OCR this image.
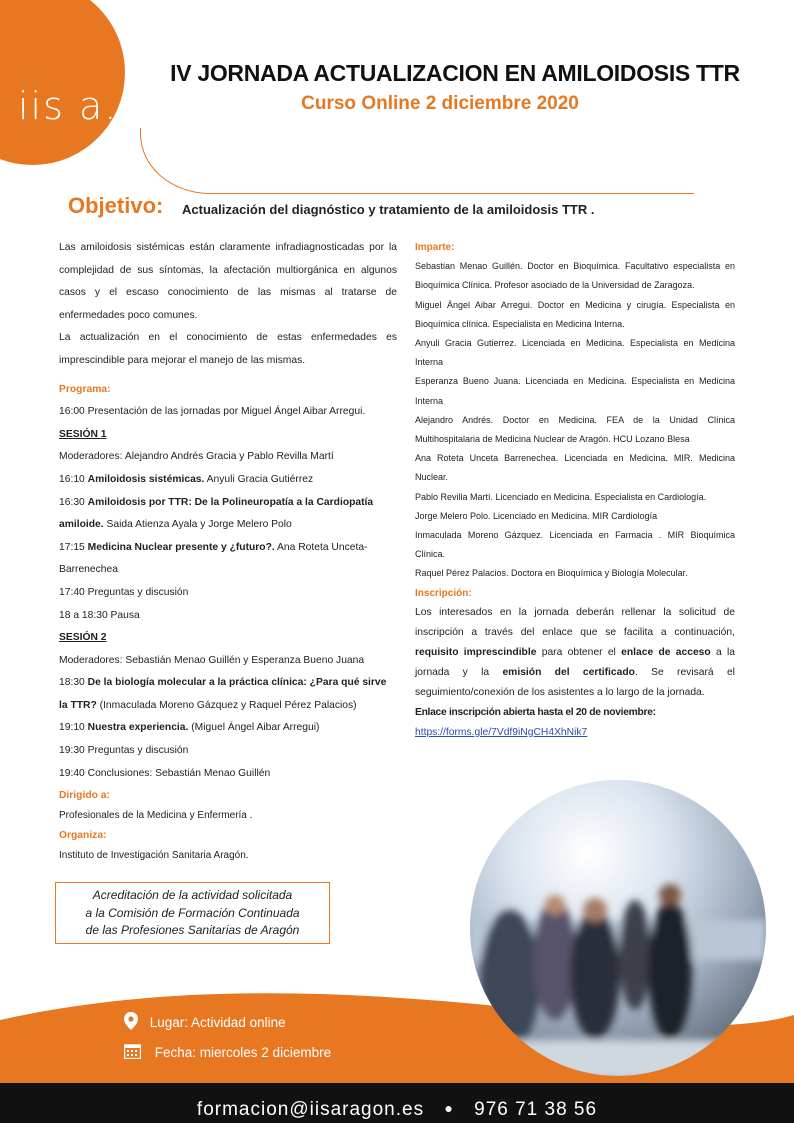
iis a.
IV JORNADA ACTUALIZACION EN AMILOIDOSIS TTR
Curso Online 2 diciembre 2020
Objetivo: Actualización del diagnóstico y tratamiento de la amiloidosis TTR .

Las amiloidosis sistémicas están claramente infradiagnosticadas por la complejidad de sus síntomas, la afectación multiorgánica en algunos casos y el escaso conocimiento de las mismas al tratarse de enfermedades poco comunes.

La actualización en el conocimiento de estas enfermedades es imprescindible para mejorar el manejo de las mismas.

Programa:

16:00 Presentación de las jornadas por Miguel Ángel Aibar Arregui.

SESIÓN 1

Moderadores: Alejandro Andrés Gracia y Pablo Revilla Martí

16:10 Amiloidosis sistémicas. Anyuli Gracia Gutiérrez

16:30 Amiloidosis por TTR: De la Polineuropatía a la Cardiopatía amiloide. Saida Atienza Ayala y Jorge Melero Polo

17:15 Medicina Nuclear presente y ¿futuro?. Ana Roteta Unceta-Barrenechea

17:40 Preguntas y discusión

18 a 18:30 Pausa

SESIÓN 2

Moderadores: Sebastián Menao Guillén y Esperanza Bueno Juana

18:30 De la biología molecular a la práctica clínica: ¿Para qué sirve la TTR? (Inmaculada Moreno Gázquez y Raquel Pérez Palacios)

19:10 Nuestra experiencia. (Miguel Ángel Aibar Arregui)

19:30 Preguntas y discusión

19:40 Conclusiones: Sebastián Menao Guillén

Dirigido a:

Profesionales de la Medicina y Enfermería .

Organiza:

Instituto de Investigación Sanitaria Aragón.

Acreditación de la actividad solicitada
a la Comisión de Formación Continuada
de las Profesiones Sanitarias de Aragón

Imparte:

Sebastian Menao Guillén. Doctor en Bioquímica. Facultativo especialista en Bioquímica Clínica. Profesor asociado de la Universidad de Zaragoza.

Miguel Ángel Aibar Arregui. Doctor en Medicina y cirugía. Especialista en Bioquímica clínica. Especialista en Medicina Interna.

Anyuli Gracia Gutierrez. Licenciada en Medicina. Especialista en Medicina Interna

Esperanza Bueno Juana. Licenciada en Medicina. Especialista en Medicina Interna

Alejandro Andrés. Doctor en Medicina. FEA de la Unidad Clínica Multihospitalaria de Medicina Nuclear de Aragón. HCU Lozano Blesa

Ana Roteta Unceta Barrenechea. Licenciada en Medicina. MIR. Medicina Nuclear.

Pablo Revilla Martí. Licenciado en Medicina. Especialista en Cardiología.

Jorge Melero Polo. Licenciado en Medicina. MIR Cardiología

Inmaculada Moreno Gázquez. Licenciada en Farmacia . MIR Bioquímica Clínica.

Raquel Pérez Palacios. Doctora en Bioquímica y Biología Molecular.

Inscripción:

Los interesados en la jornada deberán rellenar la solicitud de inscripción a través del enlace que se facilita a continuación, requisito imprescindible para obtener el enlace de acceso a la jornada y la emisión del certificado. Se revisará el seguimiento/conexión de los asistentes a lo largo de la jornada.

Enlace inscripción abierta hasta el 20 de noviembre:

https://forms.gle/7Vdf9iNgCH4XhNik7

Lugar: Actividad online
Fecha: miercoles 2 diciembre
formacion@iisaragon.es ● 976 71 38 56
